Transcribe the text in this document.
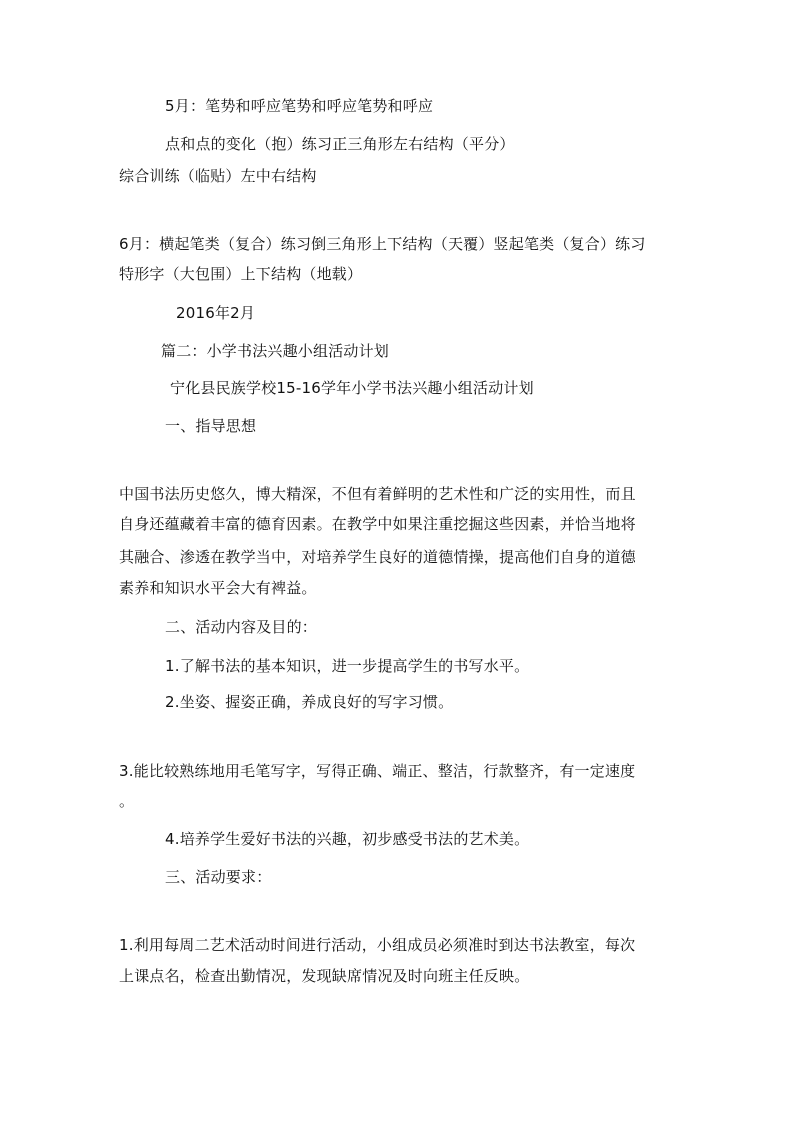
5月：笔势和呼应笔势和呼应笔势和呼应
点和点的变化（抱）练习正三角形左右结构（平分）
综合训练（临贴）左中右结构
6月：横起笔类（复合）练习倒三角形上下结构（天覆）竖起笔类（复合）练习
特形字（大包围）上下结构（地载）
2016年2月
篇二：小学书法兴趣小组活动计划
宁化县民族学校15-16学年小学书法兴趣小组活动计划
一、指导思想
中国书法历史悠久，博大精深，不但有着鲜明的艺术性和广泛的实用性，而且
自身还蕴藏着丰富的德育因素。在教学中如果注重挖掘这些因素，并恰当地将
其融合、渗透在教学当中，对培养学生良好的道德情操，提高他们自身的道德
素养和知识水平会大有裨益。
二、活动内容及目的：
1.了解书法的基本知识，进一步提高学生的书写水平。
2.坐姿、握姿正确，养成良好的写字习惯。
3.能比较熟练地用毛笔写字，写得正确、端正、整洁，行款整齐，有一定速度
。
4.培养学生爱好书法的兴趣，初步感受书法的艺术美。
三、活动要求：
1.利用每周二艺术活动时间进行活动，小组成员必须准时到达书法教室，每次
上课点名，检查出勤情况，发现缺席情况及时向班主任反映。
